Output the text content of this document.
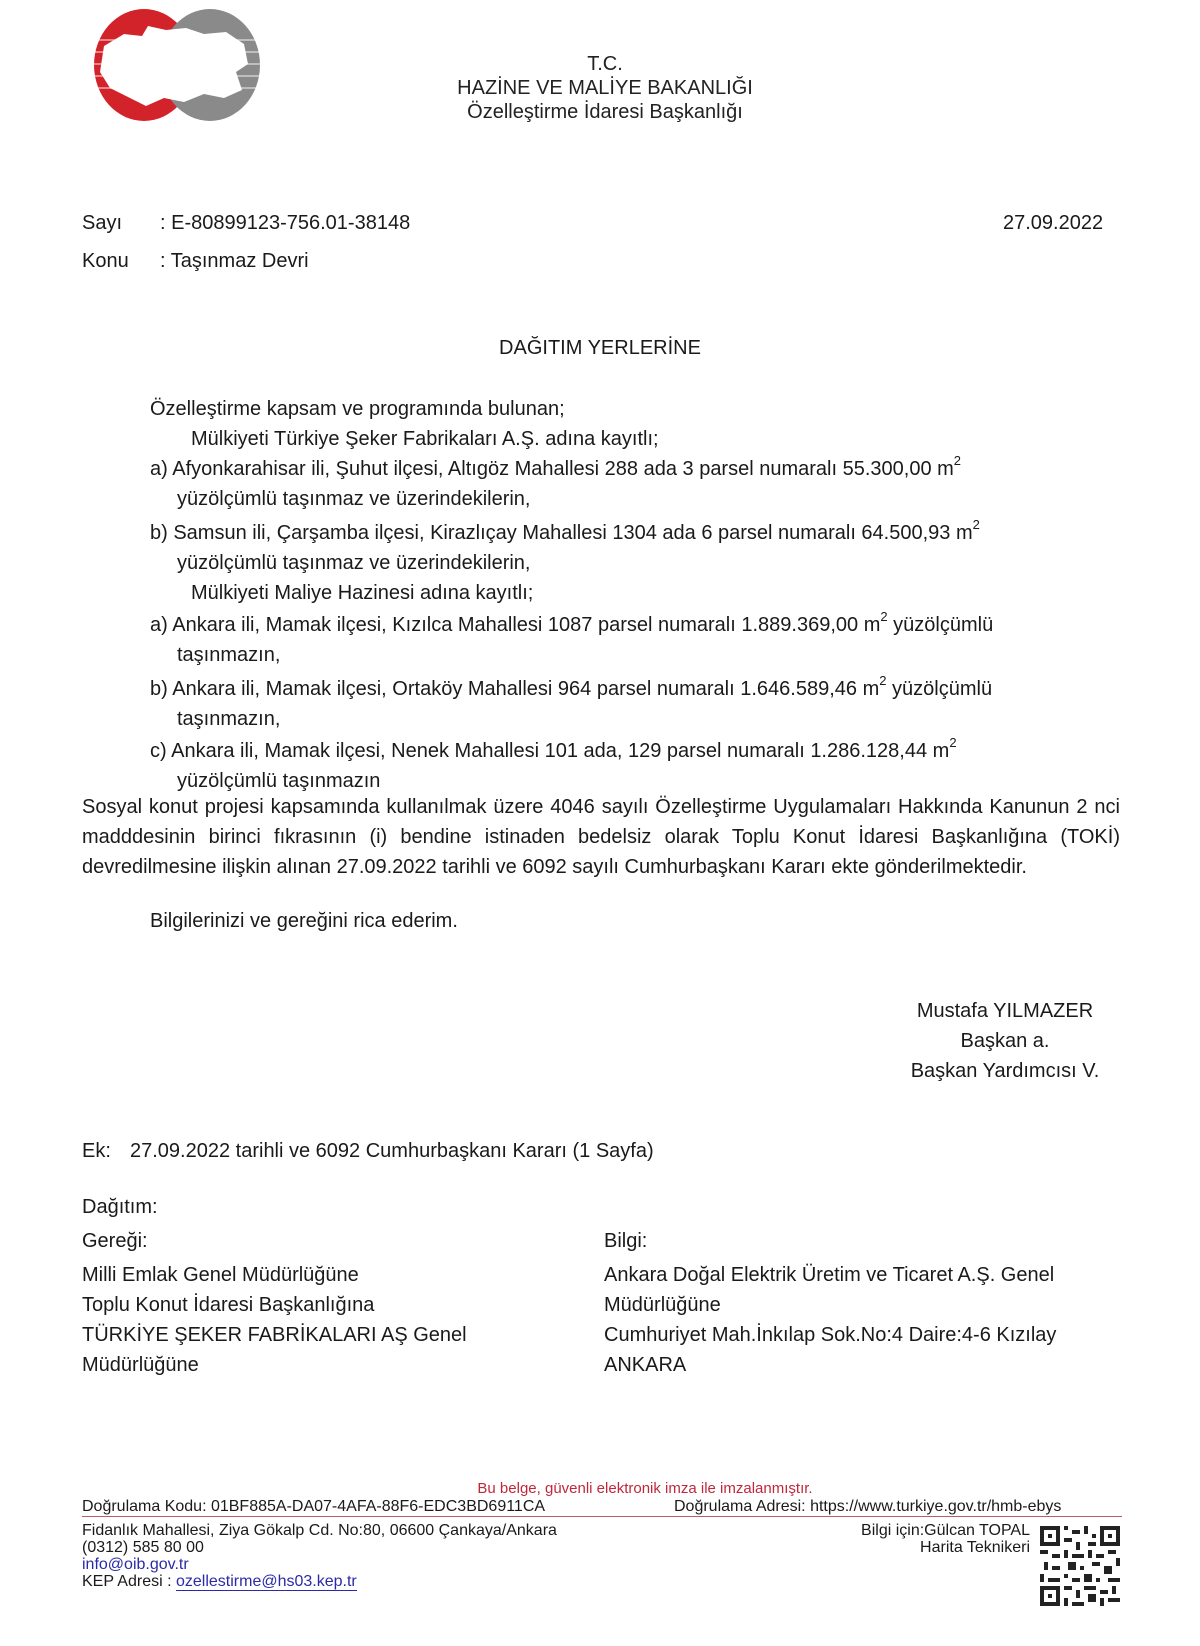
T.C.
HAZİNE VE MALİYE BAKANLIĞI
Özelleştirme İdaresi Başkanlığı
Sayı : E-80899123-756.01-38148	27.09.2022
Konu : Taşınmaz Devri
DAĞITIM YERLERİNE
Özelleştirme kapsam ve programında bulunan;
Mülkiyeti Türkiye Şeker Fabrikaları A.Ş. adına kayıtlı;
a) Afyonkarahisar ili, Şuhut ilçesi, Altıgöz Mahallesi 288 ada 3 parsel numaralı 55.300,00 $m^2$
yüzölçümlü taşınmaz ve üzerindekilerin,
b) Samsun ili, Çarşamba ilçesi, Kirazlıçay Mahallesi 1304 ada 6 parsel numaralı 64.500,93 $m^2$
yüzölçümlü taşınmaz ve üzerindekilerin,
Mülkiyeti Maliye Hazinesi adına kayıtlı;
a) Ankara ili, Mamak ilçesi, Kızılca Mahallesi 1087 parsel numaralı 1.889.369,00 $m^2$ yüzölçümlü
taşınmazın,
b) Ankara ili, Mamak ilçesi, Ortaköy Mahallesi 964 parsel numaralı 1.646.589,46 $m^2$ yüzölçümlü
taşınmazın,
c) Ankara ili, Mamak ilçesi, Nenek Mahallesi 101 ada, 129 parsel numaralı 1.286.128,44 $m^2$
yüzölçümlü taşınmazın
Sosyal konut projesi kapsamında kullanılmak üzere 4046 sayılı Özelleştirme Uygulamaları Hakkında Kanunun 2 nci madddesinin birinci fıkrasının (i) bendine istinaden bedelsiz olarak Toplu Konut İdaresi Başkanlığına (TOKİ) devredilmesine ilişkin alınan 27.09.2022 tarihli ve 6092 sayılı Cumhurbaşkanı Kararı ekte gönderilmektedir.
Bilgilerinizi ve gereğini rica ederim.
Mustafa YILMAZER
Başkan a.
Başkan Yardımcısı V.
Ek: 27.09.2022 tarihli ve 6092 Cumhurbaşkanı Kararı (1 Sayfa)
Dağıtım:
Gereği:
Milli Emlak Genel Müdürlüğüne
Toplu Konut İdaresi Başkanlığına
TÜRKİYE ŞEKER FABRİKALARI AŞ Genel
Müdürlüğüne
Bilgi:
Ankara Doğal Elektrik Üretim ve Ticaret A.Ş. Genel
Müdürlüğüne
Cumhuriyet Mah.İnkılap Sok.No:4 Daire:4-6 Kızılay
ANKARA
Bu belge, güvenli elektronik imza ile imzalanmıştır.
Doğrulama Kodu: 01BF885A-DA07-4AFA-88F6-EDC3BD6911CA	Doğrulama Adresi: https://www.turkiye.gov.tr/hmb-ebys
Fidanlık Mahallesi, Ziya Gökalp Cd. No:80, 06600 Çankaya/Ankara
(0312) 585 80 00
info@oib.gov.tr
KEP Adresi : ozellestirme@hs03.kep.tr
Bilgi için:Gülcan TOPAL
Harita Teknikeri
